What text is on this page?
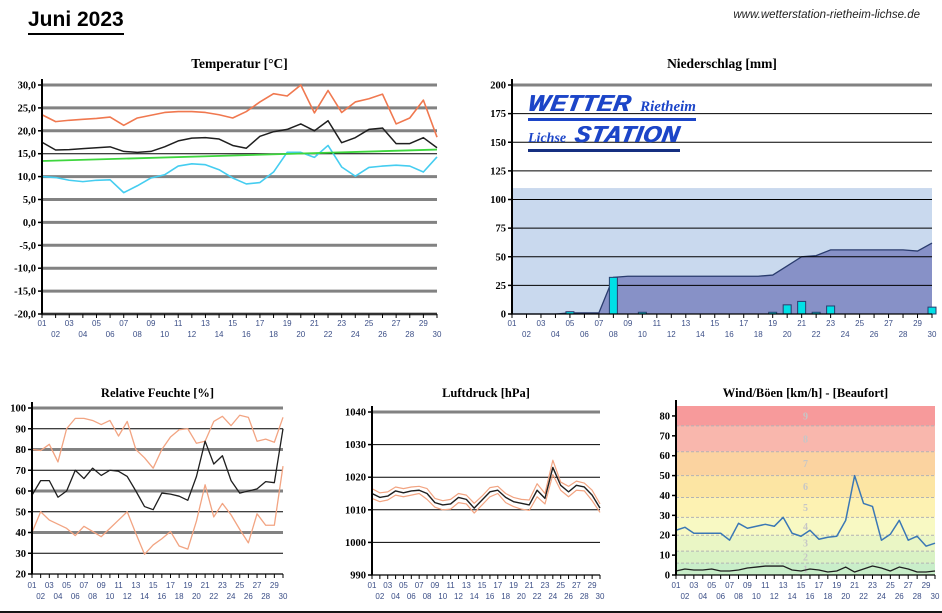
Juni 2023	www.wetterstation-rietheim-lichse.de
Temperatur [°C]
30,0
25,0
20,0
15,0
10,0
5,0
0,0
-5,0
-10,0
-15,0
-20,0
01
02
03
04
05
06
07
08
09
10
11
12
13
14
15
16
17
18
19
20
21
22
23
24
25
26
27
28
29
30
Niederschlag [mm]
200
175
150
125
100
75
50
25
0
01
02
03
04
05
06
07
08
09
10
11
12
13
14
15
16
17
18
19
20
21
22
23
24
25
26
27
28
29
30
WETTER Rietheim
Lichse STATION
Relative Feuchte [%]
100
90
80
70
60
50
40
30
20
01
02
03
04
05
06
07
08
09
10
11
12
13
14
15
16
17
18
19
20
21
22
23
24
25
26
27
28
29
30
Luftdruck [hPa]
1040
1030
1020
1010
1000
990
01
02
03
04
05
06
07
08
09
10
11
12
13
14
15
16
17
18
19
20
21
22
23
24
25
26
27
28
29
30
Wind/Böen [km/h] - [Beaufort]
1
2
3
4
5
6
7
8
9
80
70
60
50
40
30
20
10
0
01
02
03
04
05
06
07
08
09
10
11
12
13
14
15
16
17
18
19
20
21
22
23
24
25
26
27
28
29
30
